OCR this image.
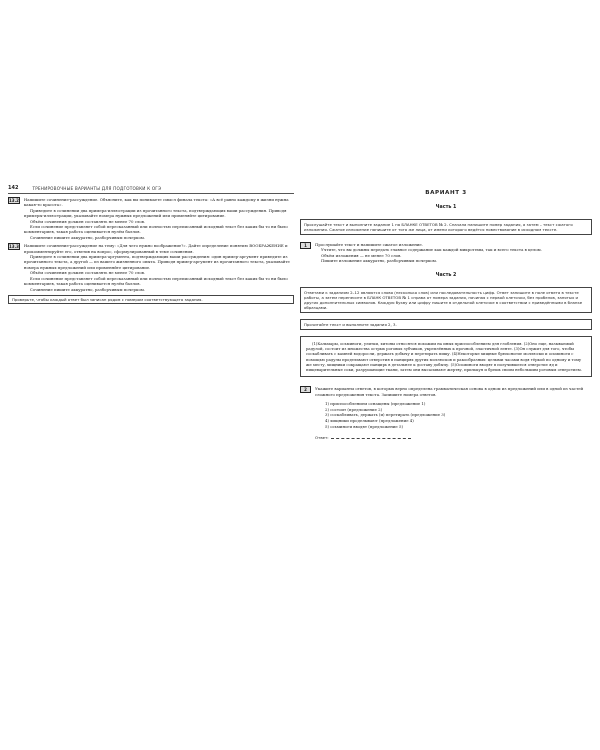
142	ТРЕНИРОВОЧНЫЕ ВАРИАНТЫ ДЛЯ ПОДГОТОВКИ К ОГЭ
13.2 Напишите сочинение-рассуждение. Объясните, как вы понимаете смысл финала текста: «А всё равно каждому в жизни нужна какая-то красота».

Приведите в сочинении два примера-иллюстрации из прочитанного текста, подтверждающих ваши рассуждения. Приводя примеры-иллюстрации, указывайте номера нужных предложений или применяйте цитирование.

Объём сочинения должен составлять не менее 70 слов.

Если сочинение представляет собой пересказанный или полностью переписанный исходный текст без каких бы то ни было комментариев, такая работа оценивается нулём баллов.

Сочинение пишите аккуратно, разборчивым почерком.

13.3 Напишите сочинение-рассуждение на тему: «Для чего нужно воображение?». Дайте определение понятию ВООБРАЖЕНИЕ и прокомментируйте его, ответив на вопрос, сформулированный в теме сочинения.

Приведите в сочинении два примера-аргумента, подтверждающих ваши рассуждения: один пример-аргумент приведите из прочитанного текста, а другой — из вашего жизненного опыта. Приводя пример-аргумент из прочитанного текста, указывайте номера нужных предложений или применяйте цитирование.

Объём сочинения должен составлять не менее 70 слов.

Если сочинение представляет собой пересказанный или полностью переписанный исходный текст без каких бы то ни было комментариев, такая работа оценивается нулём баллов.

Сочинение пишите аккуратно, разборчивым почерком.

Проверьте, чтобы каждый ответ был записан рядом с номером соответствующего задания.
ВАРИАНТ 3
Часть 1
Прослушайте текст и выполните задание 1 на БЛАНКЕ ОТВЕТОВ № 2. Сначала напишите номер задания, а затем – текст сжатого изложения. Сжатое изложение напишите от того же лица, от имени которого ведётся повествование в исходном тексте.
1	Прослушайте текст и напишите сжатое изложение.

Учтите, что вы должны передать главное содержание как каждой микротемы, так и всего текста в целом.

Объём изложения — не менее 70 слов.

Пишите изложение аккуратно, разборчивым почерком.

Часть 2
Ответами к заданиям 2–12 являются слово (несколько слов) или последовательность цифр. Ответ запишите в поле ответа в тексте работы, а затем перенесите в БЛАНК ОТВЕТОВ № 1 справа от номера задания, начиная с первой клеточки, без пробелов, запятых и других дополнительных символов. Каждую букву или цифру пишите в отдельной клеточке в соответствии с приведёнными в бланке образцами.
Прочитайте текст и выполните задания 2, 3.

(1)Кальмары, осьминоги, улитки, хитоны относятся похожим на иных приспособлением для глобления. (2)Оно еще, называемый радулой, состоит из множества острых роговых зубчиков, укреплённых к прочной, эластичной ленте. (3)Он служит для того, чтобы соскабливать с камней водоросли, держать добычу и перетирать пищу. (4)Некоторые хищные брюхоногие моллюски и осьминоги с помощью радулы продельвают отверстия в панцирях других моллюсков и ракообразных: целыми часами водя тёркой по одному и тому же месту, хищники сокращают панцирь в детальнее к доставу добычу. (5)Осьминоги вводят в получившееся отверстие яд и пищеварительные соки, разрушающие ткани, затем они высасывают жертву, прилькуя и брешь своим небольшим ротовым отверстием.

2	Укажите варианты ответов, в которых верно определена грамматическая основа в одном из предложений или в одной из частей сложного предложения текста. Запишите номера ответов.

1) приспособлением оснащены (предложение 1)
2) состоит (предложение 2)
3) соскабливать, держать (и) перетирать (предложение 3)
4) хищники проделывают (предложение 4)
5) осьминоги вводят (предложение 5)
Ответ:
